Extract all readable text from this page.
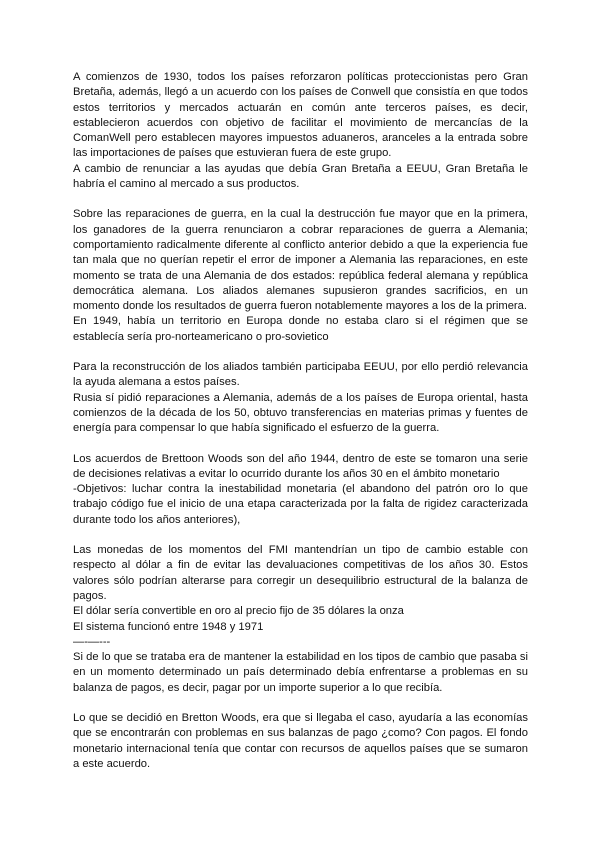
A comienzos de 1930, todos los países reforzaron políticas proteccionistas pero Gran Bretaña, además, llegó a un acuerdo con los países de Conwell que consistía en que todos estos territorios y mercados actuarán en común ante terceros países, es decir, establecieron acuerdos con objetivo de facilitar el movimiento de mercancías de la ComanWell pero establecen mayores impuestos aduaneros, aranceles a la entrada sobre las importaciones de países que estuvieran fuera de este grupo.
A cambio de renunciar a las ayudas que debía Gran Bretaña a EEUU, Gran Bretaña le habría el camino al mercado a sus productos.
Sobre las reparaciones de guerra, en la cual la destrucción fue mayor que en la primera, los ganadores de la guerra renunciaron a cobrar reparaciones de guerra a Alemania; comportamiento radicalmente diferente al conflicto anterior debido a que la experiencia fue tan mala que no querían repetir el error de imponer a Alemania las reparaciones, en este momento se trata de una Alemania de dos estados: república federal alemana y república democrática alemana. Los aliados alemanes supusieron grandes sacrificios, en un momento donde los resultados de guerra fueron notablemente mayores a los de la primera.
En 1949, había un territorio en Europa donde no estaba claro si el régimen que se establecía sería pro-norteamericano o pro-sovietico
Para la reconstrucción de los aliados también participaba EEUU, por ello perdió relevancia la ayuda alemana a estos países.
Rusia sí pidió reparaciones a Alemania, además de a los países de Europa oriental, hasta comienzos de la década de los 50, obtuvo transferencias en materias primas y fuentes de energía para compensar lo que había significado el esfuerzo de la guerra.
Los acuerdos de Brettoon Woods son del año 1944, dentro de este se tomaron una serie de decisiones relativas a evitar lo ocurrido durante los años 30 en el ámbito monetario
-Objetivos: luchar contra la inestabilidad monetaria (el abandono del patrón oro lo que trabajo código fue el inicio de una etapa caracterizada por la falta de rigidez caracterizada durante todo los años anteriores),
Las monedas de los momentos del FMI mantendrían un tipo de cambio estable con respecto al dólar a fin de evitar las devaluaciones competitivas de los años 30. Estos valores sólo podrían alterarse para corregir un desequilibrio estructural de la balanza de pagos.
El dólar sería convertible en oro al precio fijo de 35 dólares la onza
El sistema funcionó entre 1948 y 1971
—-—---
Si de lo que se trataba era de mantener la estabilidad en los tipos de cambio que pasaba si en un momento determinado un país determinado debía enfrentarse a problemas en su balanza de pagos, es decir, pagar por un importe superior a lo que recibía.
Lo que se decidió en Bretton Woods, era que si llegaba el caso, ayudaría a las economías que se encontrarán con problemas en sus balanzas de pago ¿como? Con pagos. El fondo monetario internacional tenía que contar con recursos de aquellos países que se sumaron a este acuerdo.
